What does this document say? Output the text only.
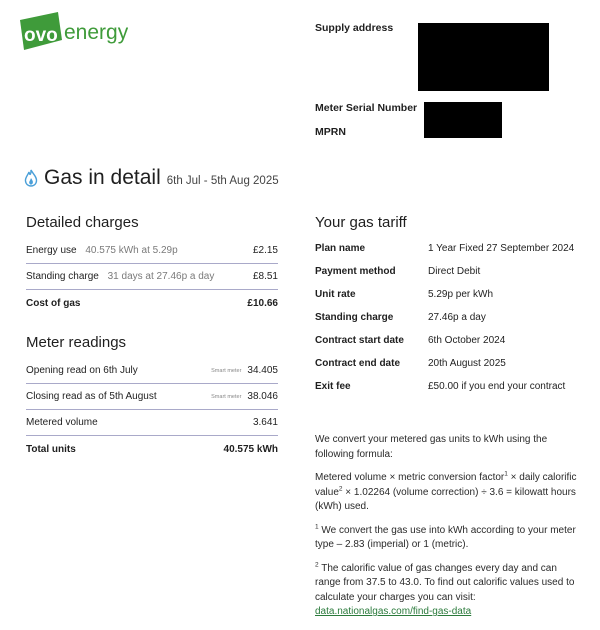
ovo energy	Supply address
Meter Serial Number
MPRN
Gas in detail 6th Jul - 5th Aug 2025
Detailed charges
Energy use 40.575 kWh at 5.29p	£2.15
Standing charge 31 days at 27.46p a day	£8.51
Cost of gas	£10.66
Meter readings
Opening read on 6th July	Smart meter 34.405
Closing read as of 5th August	Smart meter 38.046
Metered volume	3.641
Total units	40.575 kWh
Your gas tariff
Plan name	1 Year Fixed 27 September 2024
Payment method	Direct Debit
Unit rate	5.29p per kWh
Standing charge	27.46p a day
Contract start date	6th October 2024
Contract end date	20th August 2025
Exit fee	£50.00 if you end your contract

We convert your metered gas units to kWh using the following formula:

Metered volume × metric conversion factor$^1$ × daily calorific value$^2$ × 1.02264 (volume correction) ÷ 3.6 = kilowatt hours (kWh) used.

$^1$ We convert the gas use into kWh according to your meter type – 2.83 (imperial) or 1 (metric).

$^2$ The calorific value of gas changes every day and can range from 37.5 to 43.0. To find out calorific values used to calculate your charges you can visit:
data.nationalgas.com/find-gas-data
